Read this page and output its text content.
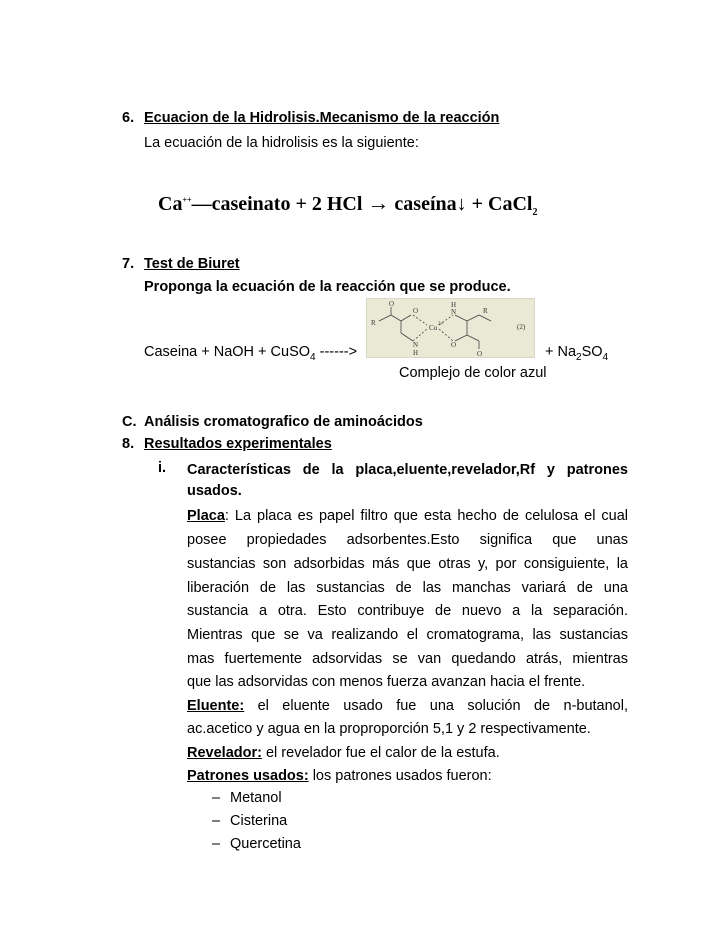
6. Ecuacion de la Hidrolisis.Mecanismo de la reacción
La ecuación de la hidrolisis es la siguiente:
Ca++—caseinato + 2 HCl → caseína↓ + CaCl$_2$
7. Test de Biuret
Proponga la ecuación de la reacción que se produce.
Caseina + NaOH + CuSO$_4$ ------>
O
O
R
N
H
Cu 2+
H
N	R
O
O
(2)
+ $Na_2SO_4$
Complejo de color azul
C. Análisis cromatografico de aminoácidos
8. Resultados experimentales
i. Características de la placa,eluente,revelador,Rf y patrones
usados.
Placa: La placa es papel filtro que esta hecho de celulosa el cual
posee propiedades adsorbentes.Esto significa que unas
sustancias son adsorbidas más que otras y, por consiguiente, la
liberación de las sustancias de las manchas variará de una
sustancia a otra. Esto contribuye de nuevo a la separación.
Mientras que se va realizando el cromatograma, las sustancias
mas fuertemente adsorvidas se van quedando atrás, mientras
que las adsorvidas con menos fuerza avanzan hacia el frente.
Eluente: el eluente usado fue una solución de n-butanol,
ac.acetico y agua en la proproporción 5,1 y 2 respectivamente.
Revelador: el revelador fue el calor de la estufa.
Patrones usados: los patrones usados fueron:
– Metanol
– Cisterina
– Quercetina
